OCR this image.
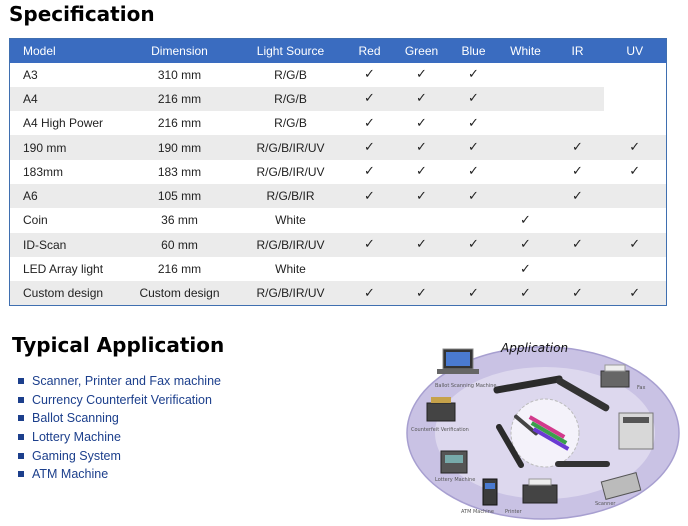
Specification
Model	Dimension	Light Source	Red	Green	Blue	White	IR	UV
A3	310 mm	R/G/B	✓	✓	✓			
A4	216 mm	R/G/B	✓	✓	✓			
A4 High Power	216 mm	R/G/B	✓	✓	✓			
190 mm	190 mm	R/G/B/IR/UV	✓	✓	✓		✓	✓
183mm	183 mm	R/G/B/IR/UV	✓	✓	✓		✓	✓
A6	105 mm	R/G/B/IR	✓	✓	✓		✓	
Coin	36 mm	White				✓		
ID-Scan	60 mm	R/G/B/IR/UV	✓	✓	✓	✓	✓	✓
LED Array light	216 mm	White				✓		
Custom design	Custom design	R/G/B/IR/UV	✓	✓	✓	✓	✓	✓
Typical Application
Scanner, Printer and Fax machine
Currency Counterfeit Verification
Ballot Scanning
Lottery Machine
Gaming System
ATM Machine
Application
Ballot Scanning Machine
Counterfeit Verification
Lottery Machine
ATM Machine Printer
Scanner
Fax
